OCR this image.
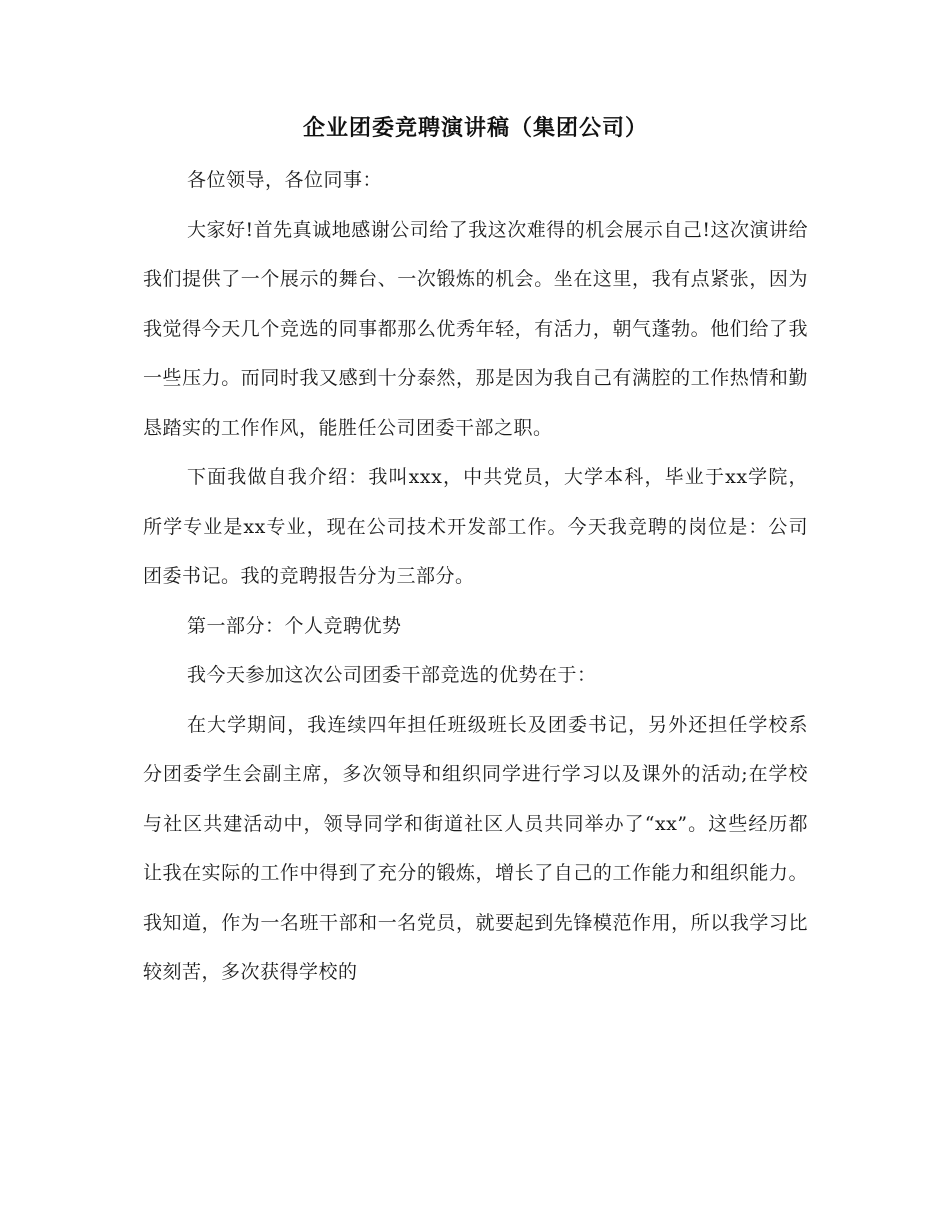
企业团委竞聘演讲稿（集团公司）

各位领导，各位同事：

大家好!首先真诚地感谢公司给了我这次难得的机会展示自己!这次演讲给我们提供了一个展示的舞台、一次锻炼的机会。坐在这里，我有点紧张，因为我觉得今天几个竞选的同事都那么优秀年轻，有活力，朝气蓬勃。他们给了我一些压力。而同时我又感到十分泰然，那是因为我自己有满腔的工作热情和勤恳踏实的工作作风，能胜任公司团委干部之职。

下面我做自我介绍：我叫xxx，中共党员，大学本科，毕业于xx学院，所学专业是xx专业，现在公司技术开发部工作。今天我竞聘的岗位是：公司团委书记。我的竞聘报告分为三部分。

第一部分：个人竞聘优势

我今天参加这次公司团委干部竞选的优势在于：

在大学期间，我连续四年担任班级班长及团委书记，另外还担任学校系分团委学生会副主席，多次领导和组织同学进行学习以及课外的活动;在学校与社区共建活动中，领导同学和街道社区人员共同举办了“xx”。这些经历都让我在实际的工作中得到了充分的锻炼，增长了自己的工作能力和组织能力。我知道，作为一名班干部和一名党员，就要起到先锋模范作用，所以我学习比较刻苦，多次获得学校的
